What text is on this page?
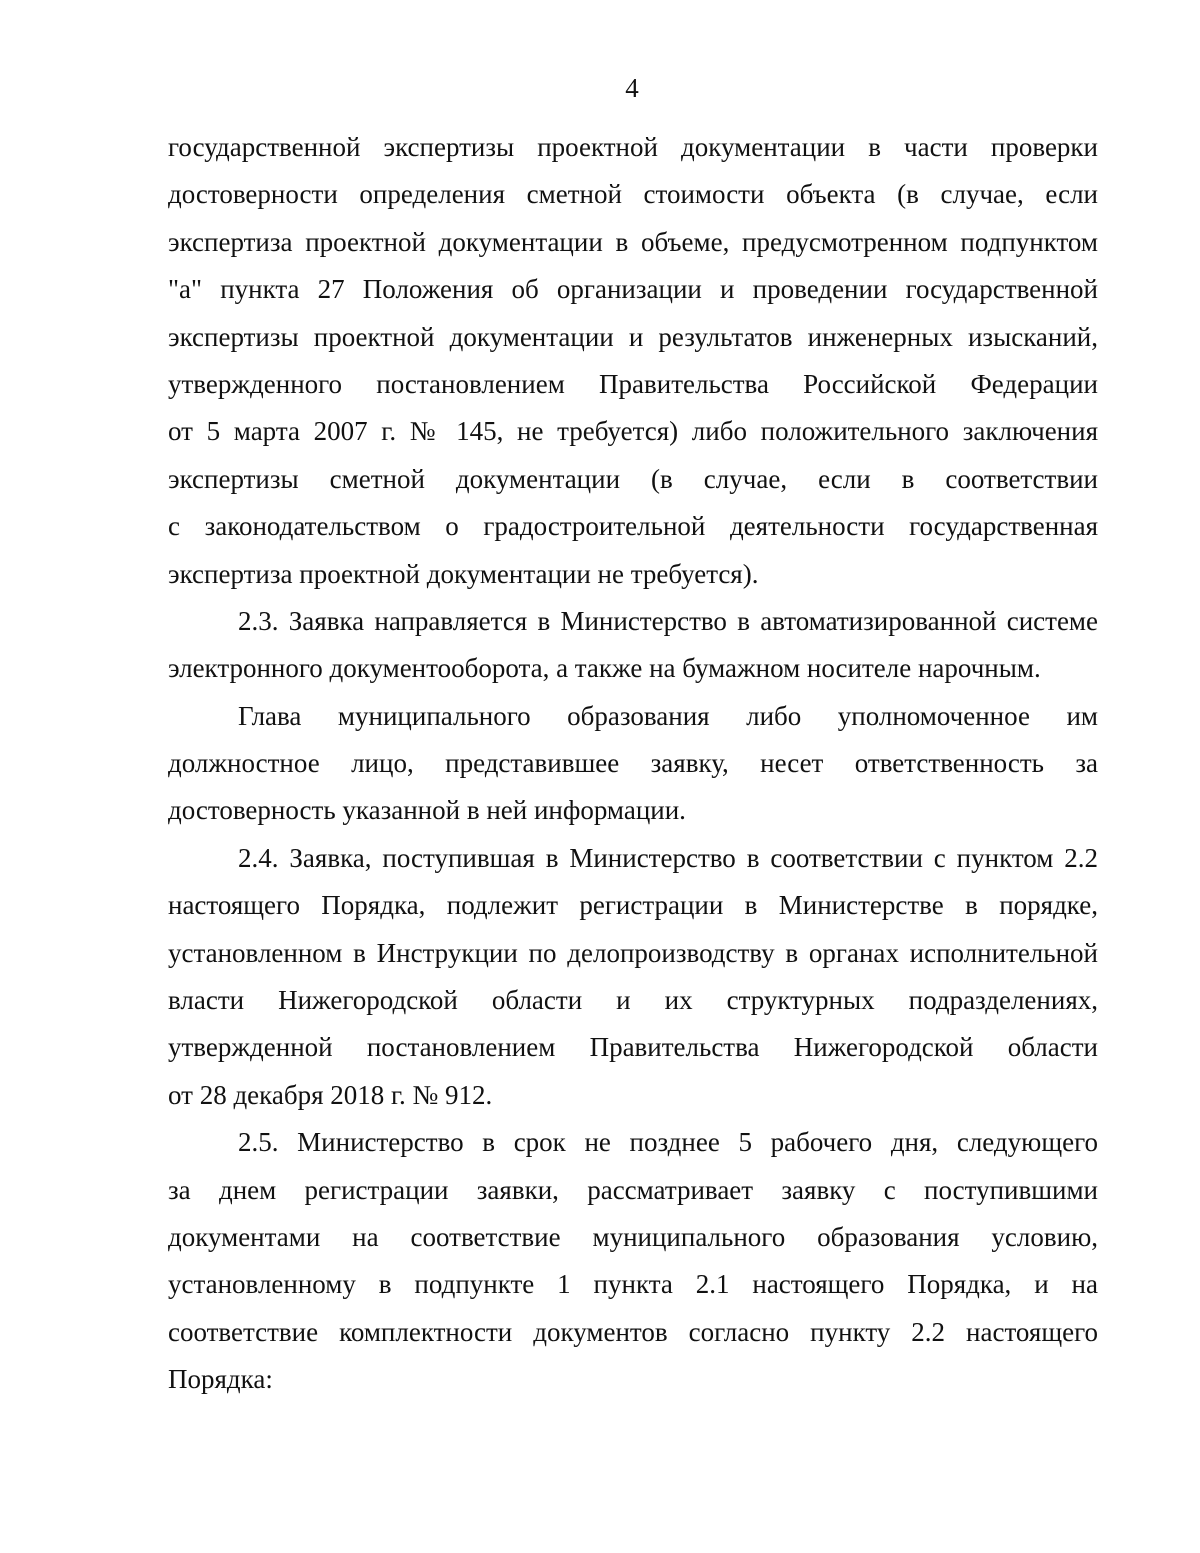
4
государственной экспертизы проектной документации в части проверки
достоверности определения сметной стоимости объекта (в случае, если
экспертиза проектной документации в объеме, предусмотренном подпунктом
"а" пункта 27 Положения об организации и проведении государственной
экспертизы проектной документации и результатов инженерных изысканий,
утвержденного постановлением Правительства Российской Федерации
от 5 марта 2007 г. № 145, не требуется) либо положительного заключения
экспертизы сметной документации (в случае, если в соответствии
с законодательством о градостроительной деятельности государственная
экспертиза проектной документации не требуется).
2.3. Заявка направляется в Министерство в автоматизированной системе
электронного документооборота, а также на бумажном носителе нарочным.
Глава муниципального образования либо уполномоченное им
должностное лицо, представившее заявку, несет ответственность за
достоверность указанной в ней информации.
2.4. Заявка, поступившая в Министерство в соответствии с пунктом 2.2
настоящего Порядка, подлежит регистрации в Министерстве в порядке,
установленном в Инструкции по делопроизводству в органах исполнительной
власти Нижегородской области и их структурных подразделениях,
утвержденной постановлением Правительства Нижегородской области
от 28 декабря 2018 г. № 912.
2.5. Министерство в срок не позднее 5 рабочего дня, следующего
за днем регистрации заявки, рассматривает заявку с поступившими
документами на соответствие муниципального образования условию,
установленному в подпункте 1 пункта 2.1 настоящего Порядка, и на
соответствие комплектности документов согласно пункту 2.2 настоящего
Порядка:
